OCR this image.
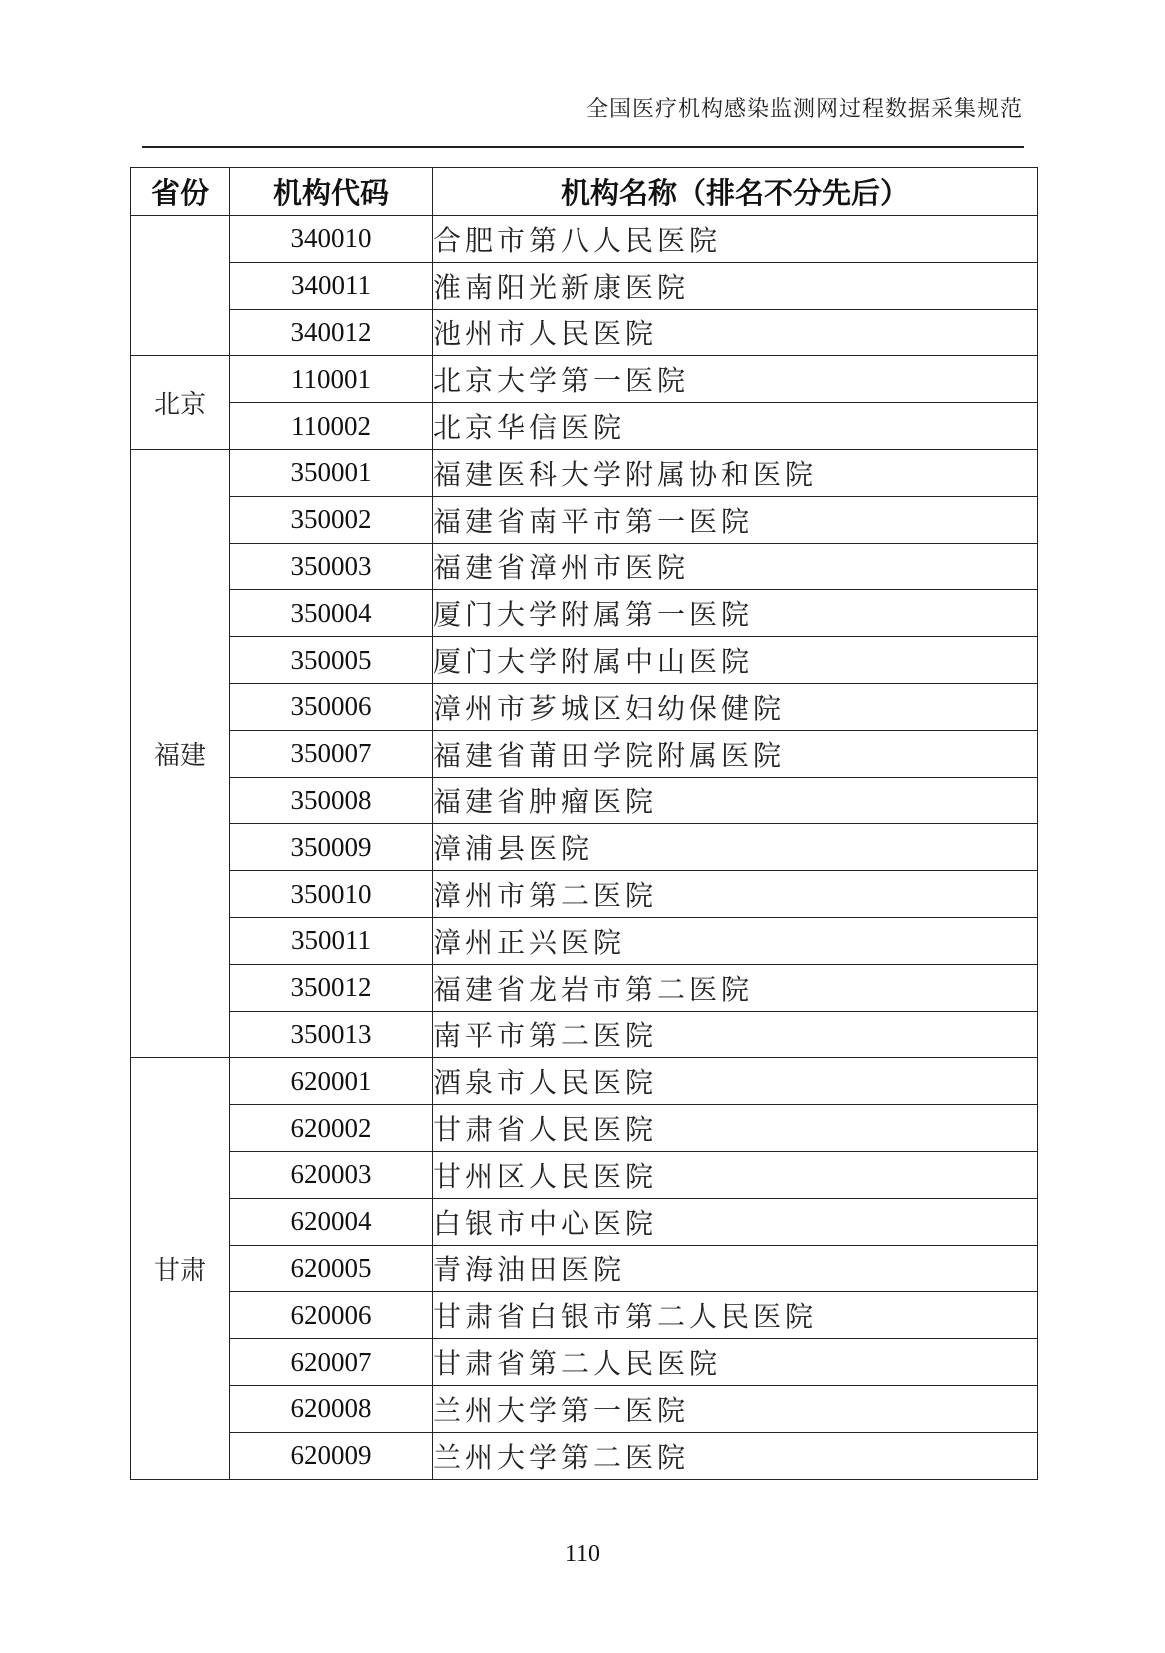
全国医疗机构感染监测网过程数据采集规范
省份	机构代码	机构名称（排名不分先后）
	340010	合肥市第八人民医院
	340011	淮南阳光新康医院
	340012	池州市人民医院
北京	110001	北京大学第一医院
	110002	北京华信医院
福建	350001	福建医科大学附属协和医院
	350002	福建省南平市第一医院
	350003	福建省漳州市医院
	350004	厦门大学附属第一医院
	350005	厦门大学附属中山医院
	350006	漳州市芗城区妇幼保健院
	350007	福建省莆田学院附属医院
	350008	福建省肿瘤医院
	350009	漳浦县医院
	350010	漳州市第二医院
	350011	漳州正兴医院
	350012	福建省龙岩市第二医院
	350013	南平市第二医院
甘肃	620001	酒泉市人民医院
	620002	甘肃省人民医院
	620003	甘州区人民医院
	620004	白银市中心医院
	620005	青海油田医院
	620006	甘肃省白银市第二人民医院
	620007	甘肃省第二人民医院
	620008	兰州大学第一医院
	620009	兰州大学第二医院
110
